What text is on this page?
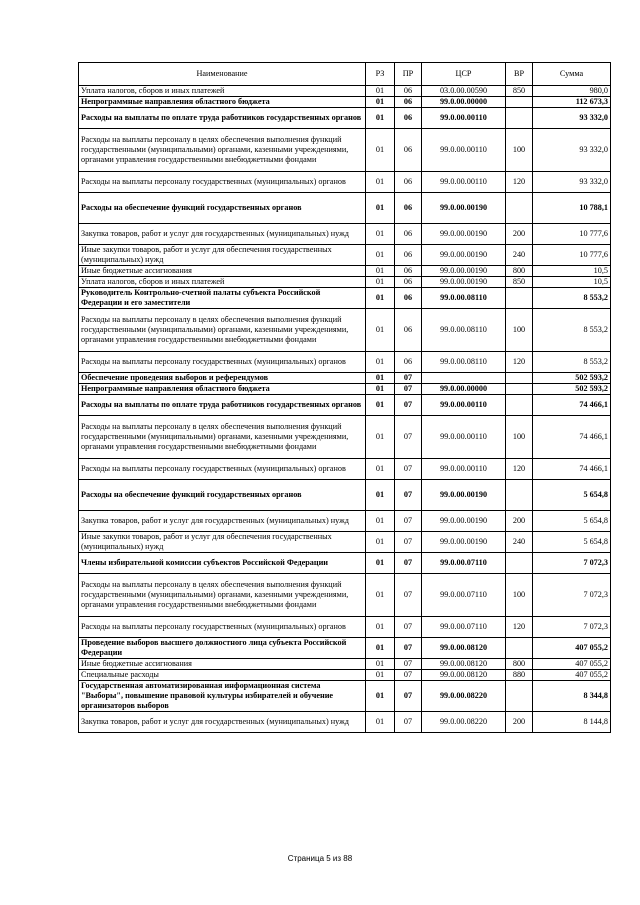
Наименование	РЗ	ПР	ЦСР	ВР	Сумма
Уплата налогов, сборов и иных платежей	01	06	03.0.00.00590	850	980,0
Непрограммные направления областного бюджета	01	06	99.0.00.00000		112 673,3
Расходы на выплаты по оплате труда работников государственных органов	01	06	99.0.00.00110		93 332,0
Расходы на выплаты персоналу в целях обеспечения выполнения функций государственными (муниципальными) органами, казенными учреждениями, органами управления государственными внебюджетными фондами	01	06	99.0.00.00110	100	93 332,0
Расходы на выплаты персоналу государственных (муниципальных) органов	01	06	99.0.00.00110	120	93 332,0
Расходы на обеспечение функций государственных органов	01	06	99.0.00.00190		10 788,1
Закупка товаров, работ и услуг для государственных (муниципальных) нужд	01	06	99.0.00.00190	200	10 777,6
Иные закупки товаров, работ и услуг для обеспечения государственных (муниципальных) нужд	01	06	99.0.00.00190	240	10 777,6
Иные бюджетные ассигнования	01	06	99.0.00.00190	800	10,5
Уплата налогов, сборов и иных платежей	01	06	99.0.00.00190	850	10,5
Руководитель Контрольно-счетной палаты субъекта Российской Федерации и его заместители	01	06	99.0.00.08110		8 553,2
Расходы на выплаты персоналу в целях обеспечения выполнения функций государственными (муниципальными) органами, казенными учреждениями, органами управления государственными внебюджетными фондами	01	06	99.0.00.08110	100	8 553,2
Расходы на выплаты персоналу государственных (муниципальных) органов	01	06	99.0.00.08110	120	8 553,2
Обеспечение проведения выборов и референдумов	01	07			502 593,2
Непрограммные направления областного бюджета	01	07	99.0.00.00000		502 593,2
Расходы на выплаты по оплате труда работников государственных органов	01	07	99.0.00.00110		74 466,1
Расходы на выплаты персоналу в целях обеспечения выполнения функций государственными (муниципальными) органами, казенными учреждениями, органами управления государственными внебюджетными фондами	01	07	99.0.00.00110	100	74 466,1
Расходы на выплаты персоналу государственных (муниципальных) органов	01	07	99.0.00.00110	120	74 466,1
Расходы на обеспечение функций государственных органов	01	07	99.0.00.00190		5 654,8
Закупка товаров, работ и услуг для государственных (муниципальных) нужд	01	07	99.0.00.00190	200	5 654,8
Иные закупки товаров, работ и услуг для обеспечения государственных (муниципальных) нужд	01	07	99.0.00.00190	240	5 654,8
Члены избирательной комиссии субъектов Российской Федерации	01	07	99.0.00.07110		7 072,3
Расходы на выплаты персоналу в целях обеспечения выполнения функций государственными (муниципальными) органами, казенными учреждениями, органами управления государственными внебюджетными фондами	01	07	99.0.00.07110	100	7 072,3
Расходы на выплаты персоналу государственных (муниципальных) органов	01	07	99.0.00.07110	120	7 072,3
Проведение выборов высшего должностного лица субъекта Российской Федерации	01	07	99.0.00.08120		407 055,2
Иные бюджетные ассигнования	01	07	99.0.00.08120	800	407 055,2
Специальные расходы	01	07	99.0.00.08120	880	407 055,2
Государственная автоматизированная информационная система "Выборы", повышение правовой культуры избирателей и обучение организаторов выборов	01	07	99.0.00.08220		8 344,8
Закупка товаров, работ и услуг для государственных (муниципальных) нужд	01	07	99.0.00.08220	200	8 144,8
Страница 5 из 88
